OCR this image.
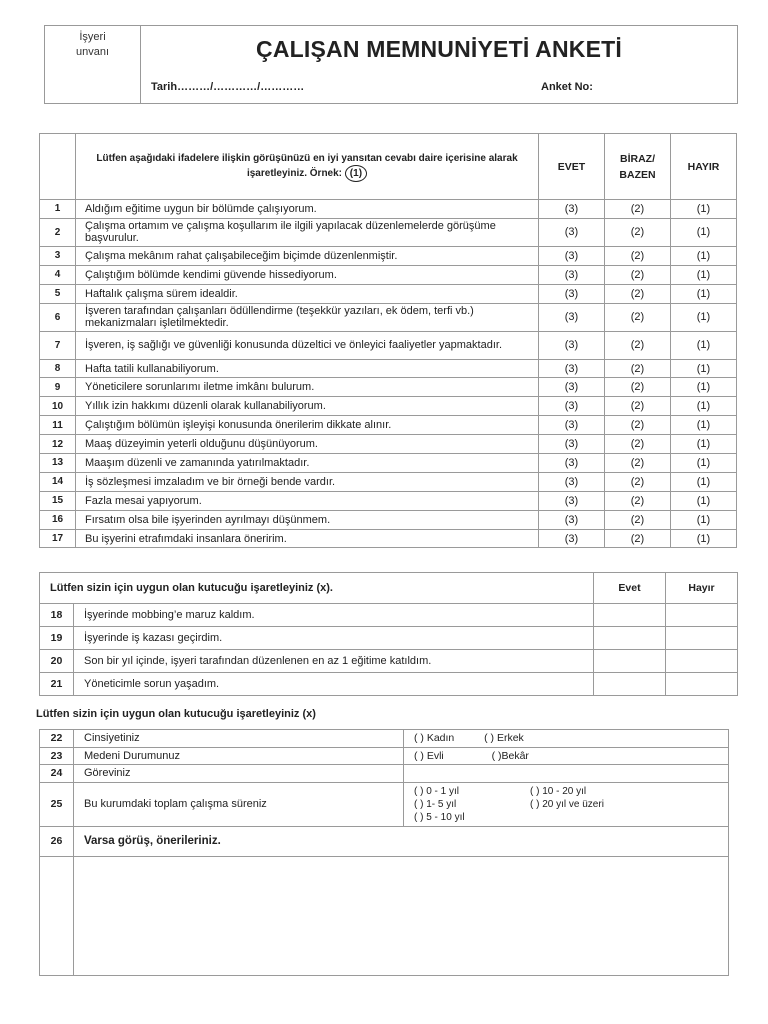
İşyeri
unvanı	ÇALIŞAN MEMNUNİYETİ ANKETİ
Tarih………/…………/…………	Anket No:
	Lütfen aşağıdaki ifadelere ilişkin görüşünüzü en iyi yansıtan cevabı daire içerisine alarak işaretleyiniz. Örnek: (1)	EVET	BİRAZ/
BAZEN	HAYIR
1	Aldığım eğitime uygun bir bölümde çalışıyorum.	(3)	(2)	(1)
2	Çalışma ortamım ve çalışma koşullarım ile ilgili yapılacak düzenlemelerde görüşüme başvurulur.	(3)	(2)	(1)
3	Çalışma mekânım rahat çalışabileceğim biçimde düzenlenmiştir.	(3)	(2)	(1)
4	Çalıştığım bölümde kendimi güvende hissediyorum.	(3)	(2)	(1)
5	Haftalık çalışma sürem idealdir.	(3)	(2)	(1)
6	İşveren tarafından çalışanları ödüllendirme (teşekkür yazıları, ek ödem, terfi vb.) mekanizmaları işletilmektedir.	(3)	(2)	(1)
7	İşveren, iş sağlığı ve güvenliği konusunda düzeltici ve önleyici faaliyetler yapmaktadır.	(3)	(2)	(1)
8	Hafta tatili kullanabiliyorum.	(3)	(2)	(1)
9	Yöneticilere sorunlarımı iletme imkânı bulurum.	(3)	(2)	(1)
10	Yıllık izin hakkımı düzenli olarak kullanabiliyorum.	(3)	(2)	(1)
11	Çalıştığım bölümün işleyişi konusunda önerilerim dikkate alınır.	(3)	(2)	(1)
12	Maaş düzeyimin yeterli olduğunu düşünüyorum.	(3)	(2)	(1)
13	Maaşım düzenli ve zamanında yatırılmaktadır.	(3)	(2)	(1)
14	İş sözleşmesi imzaladım ve bir örneği bende vardır.	(3)	(2)	(1)
15	Fazla mesai yapıyorum.	(3)	(2)	(1)
16	Fırsatım olsa bile işyerinden ayrılmayı düşünmem.	(3)	(2)	(1)
17	Bu işyerini etrafımdaki insanlara öneririm.	(3)	(2)	(1)
Lütfen sizin için uygun olan kutucuğu işaretleyiniz (x).		Evet	Hayır
18	İşyerinde mobbing’e maruz kaldım.		
19	İşyerinde iş kazası geçirdim.		
20	Son bir yıl içinde, işyeri tarafından düzenlenen en az 1 eğitime katıldım.		
21	Yöneticimle sorun yaşadım.		
Lütfen sizin için uygun olan kutucuğu işaretleyiniz (x)
22	Cinsiyetiniz	( ) Kadın ( ) Erkek
23	Medeni Durumunuz	( ) Evli ( )Bekâr
24	Göreviniz	
25	Bu kurumdaki toplam çalışma süreniz	( ) 0 - 1 yıl ( ) 10 - 20 yıl
( ) 1- 5 yıl ( ) 20 yıl ve üzeri
( ) 5 - 10 yıl

26	Varsa görüş, önerileriniz.	
